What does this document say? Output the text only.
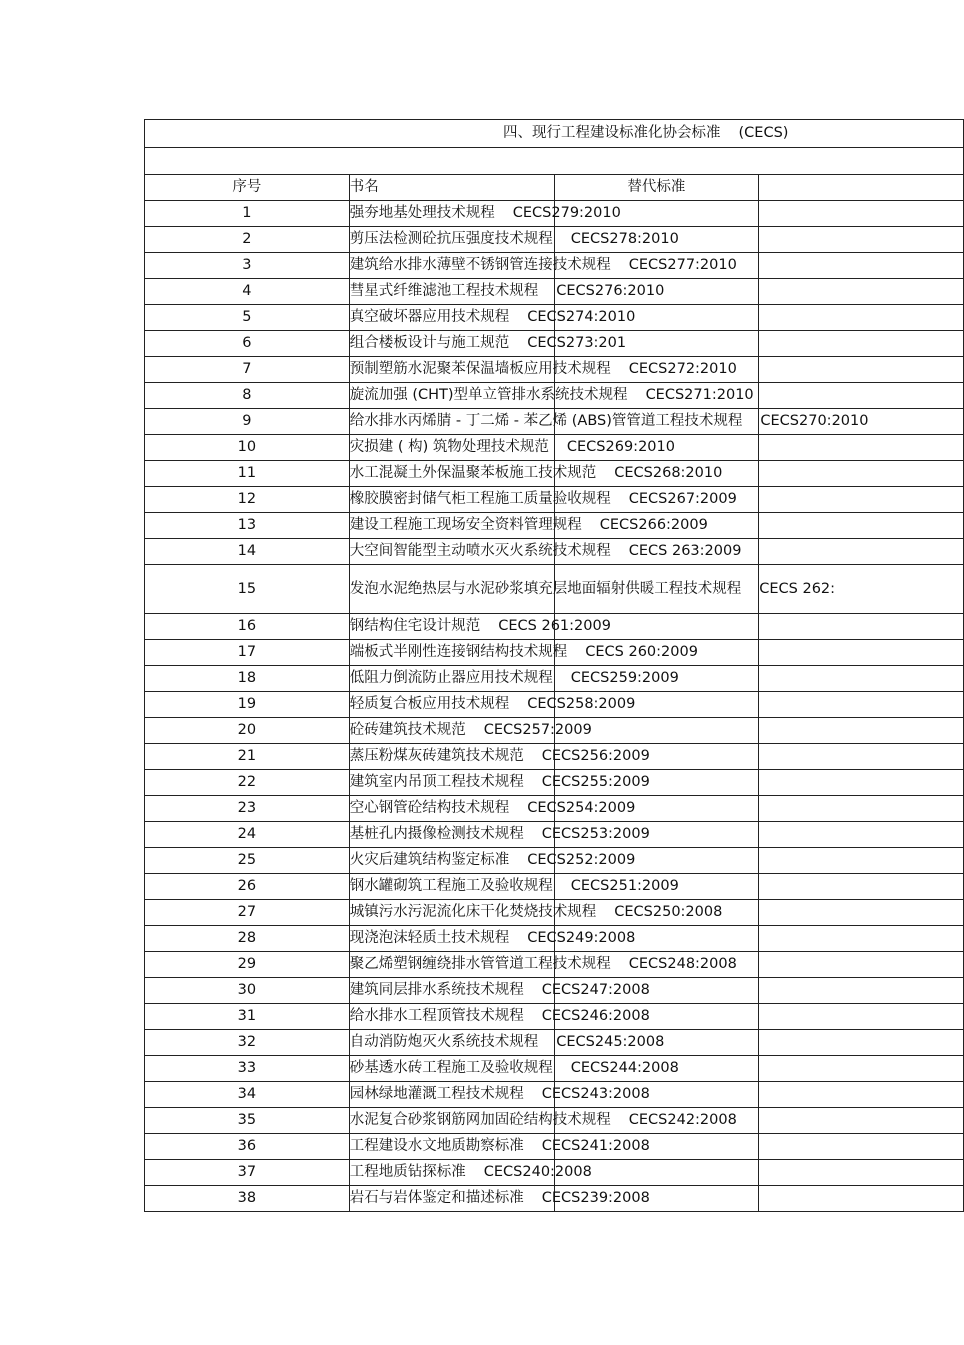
四、现行工程建设标准化协会标准 (CECS)			

序号	书名	替代标准	
1	强夯地基处理技术规程 CECS279:2010		
2	剪压法检测砼抗压强度技术规程 CECS278:2010		
3	建筑给水排水薄壁不锈钢管连接技术规程 CECS277:2010		
4	彗星式纤维滤池工程技术规程 CECS276:2010		
5	真空破坏器应用技术规程 CECS274:2010		
6	组合楼板设计与施工规范 CECS273:201		
7	预制塑筋水泥聚苯保温墙板应用技术规程 CECS272:2010		
8	旋流加强 (CHT)型单立管排水系统技术规程 CECS271:2010		
9	给水排水丙烯腈 - 丁二烯 - 苯乙烯 (ABS)管管道工程技术规程 CECS270:2010		
10	灾损建 ( 构) 筑物处理技术规范 CECS269:2010		
11	水工混凝土外保温聚苯板施工技术规范 CECS268:2010		
12	橡胶膜密封储气柜工程施工质量验收规程 CECS267:2009		
13	建设工程施工现场安全资料管理规程 CECS266:2009		
14	大空间智能型主动喷水灭火系统技术规程 CECS 263:2009		
15	发泡水泥绝热层与水泥砂浆填充层地面辐射供暖工程技术规程 CECS 262:		
16	钢结构住宅设计规范 CECS 261:2009		
17	端板式半刚性连接钢结构技术规程 CECS 260:2009		
18	低阻力倒流防止器应用技术规程 CECS259:2009		
19	轻质复合板应用技术规程 CECS258:2009		
20	砼砖建筑技术规范 CECS257:2009		
21	蒸压粉煤灰砖建筑技术规范 CECS256:2009		
22	建筑室内吊顶工程技术规程 CECS255:2009		
23	空心钢管砼结构技术规程 CECS254:2009		
24	基桩孔内摄像检测技术规程 CECS253:2009		
25	火灾后建筑结构鉴定标准 CECS252:2009		
26	钢水罐砌筑工程施工及验收规程 CECS251:2009		
27	城镇污水污泥流化床干化焚烧技术规程 CECS250:2008		
28	现浇泡沫轻质土技术规程 CECS249:2008		
29	聚乙烯塑钢缠绕排水管管道工程技术规程 CECS248:2008		
30	建筑同层排水系统技术规程 CECS247:2008		
31	给水排水工程顶管技术规程 CECS246:2008		
32	自动消防炮灭火系统技术规程 CECS245:2008		
33	砂基透水砖工程施工及验收规程 CECS244:2008		
34	园林绿地灌溉工程技术规程 CECS243:2008		
35	水泥复合砂浆钢筋网加固砼结构技术规程 CECS242:2008		
36	工程建设水文地质勘察标准 CECS241:2008		
37	工程地质钻探标准 CECS240:2008		
38	岩石与岩体鉴定和描述标准 CECS239:2008		
